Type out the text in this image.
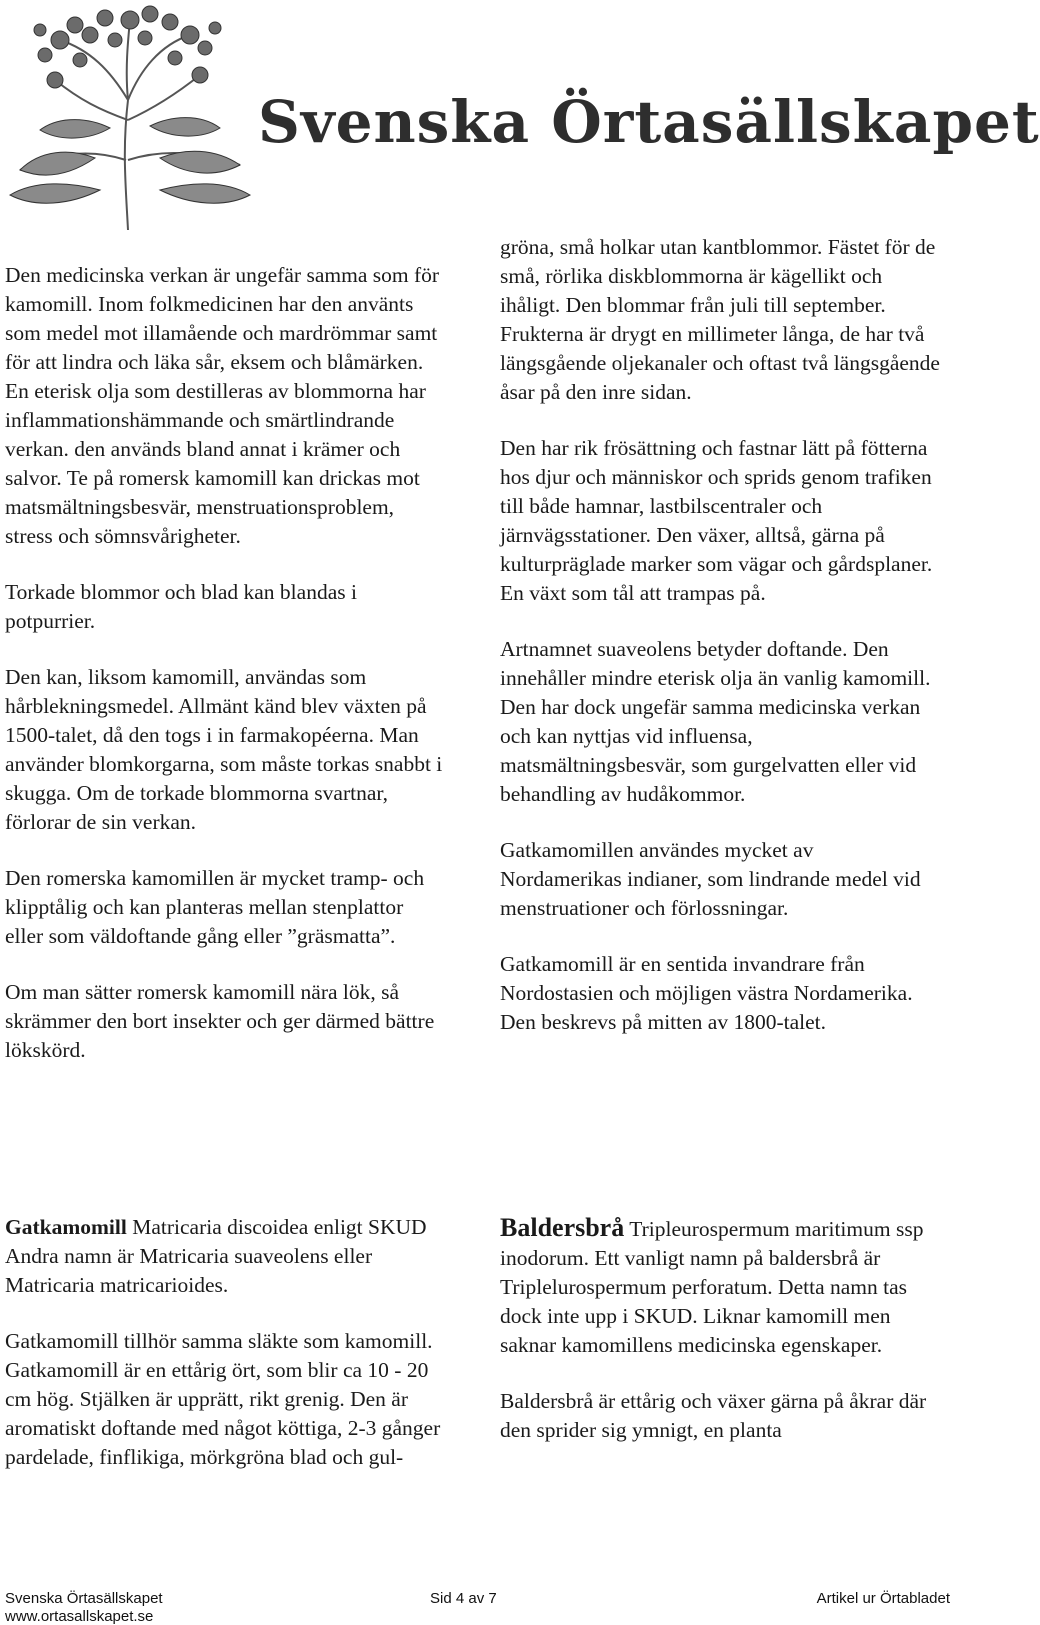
Svenska Örtasällskapet

Den medicinska verkan är ungefär samma som för kamomill. Inom folkmedicinen har den använts som medel mot illamående och mardrömmar samt för att lindra och läka sår, eksem och blåmärken. En eterisk olja som destilleras av blommorna har inflammationshämmande och smärtlindrande verkan. den används bland annat i krämer och salvor. Te på romersk kamomill kan drickas mot matsmältningsbesvär, menstruationsproblem, stress och sömnsvårigheter.

Torkade blommor och blad kan blandas i potpurrier.

Den kan, liksom kamomill, användas som hårblekningsmedel. Allmänt känd blev växten på 1500-talet, då den togs i in farmakopéerna. Man använder blomkorgarna, som måste torkas snabbt i skugga. Om de torkade blommorna svartnar, förlorar de sin verkan.

Den romerska kamomillen är mycket tramp- och klipptålig och kan planteras mellan stenplattor eller som väldoftande gång eller ”gräsmatta”.

Om man sätter romersk kamomill nära lök, så skrämmer den bort insekter och ger därmed bättre lökskörd.

gröna, små holkar utan kantblommor. Fästet för de små, rörlika diskblommorna är kägellikt och ihåligt. Den blommar från juli till september. Frukterna är drygt en millimeter långa, de har två längsgående oljekanaler och oftast två längsgående åsar på den inre sidan.

Den har rik frösättning och fastnar lätt på fötterna hos djur och människor och sprids genom trafiken till både hamnar, lastbilscentraler och järnvägsstationer. Den växer, alltså, gärna på kulturpräglade marker som vägar och gårdsplaner. En växt som tål att trampas på.

Artnamnet suaveolens betyder doftande. Den innehåller mindre eterisk olja än vanlig kamomill. Den har dock ungefär samma medicinska verkan och kan nyttjas vid influensa, matsmältningsbesvär, som gurgelvatten eller vid behandling av hudåkommor.

Gatkamomillen användes mycket av Nordamerikas indianer, som lindrande medel vid menstruationer och förlossningar.

Gatkamomill är en sentida invandrare från Nordostasien och möjligen västra Nordamerika. Den beskrevs på mitten av 1800-talet.

Gatkamomill Matricaria discoidea enligt SKUD Andra namn är Matricaria suaveolens eller Matricaria matricarioides.

Gatkamomill tillhör samma släkte som kamomill. Gatkamomill är en ettårig ört, som blir ca 10 - 20 cm hög. Stjälken är upprätt, rikt grenig. Den är aromatiskt doftande med något köttiga, 2-3 gånger pardelade, finflikiga, mörkgröna blad och gul-

Baldersbrå Tripleurospermum maritimum ssp inodorum. Ett vanligt namn på baldersbrå är Triplelurospermum perforatum. Detta namn tas dock inte upp i SKUD. Liknar kamomill men saknar kamomillens medicinska egenskaper.

Baldersbrå är ettårig och växer gärna på åkrar där den sprider sig ymnigt, en planta

Svenska Örtasällskapet
www.ortasallskapet.se
Sid 4 av 7	Artikel ur Örtabladet
